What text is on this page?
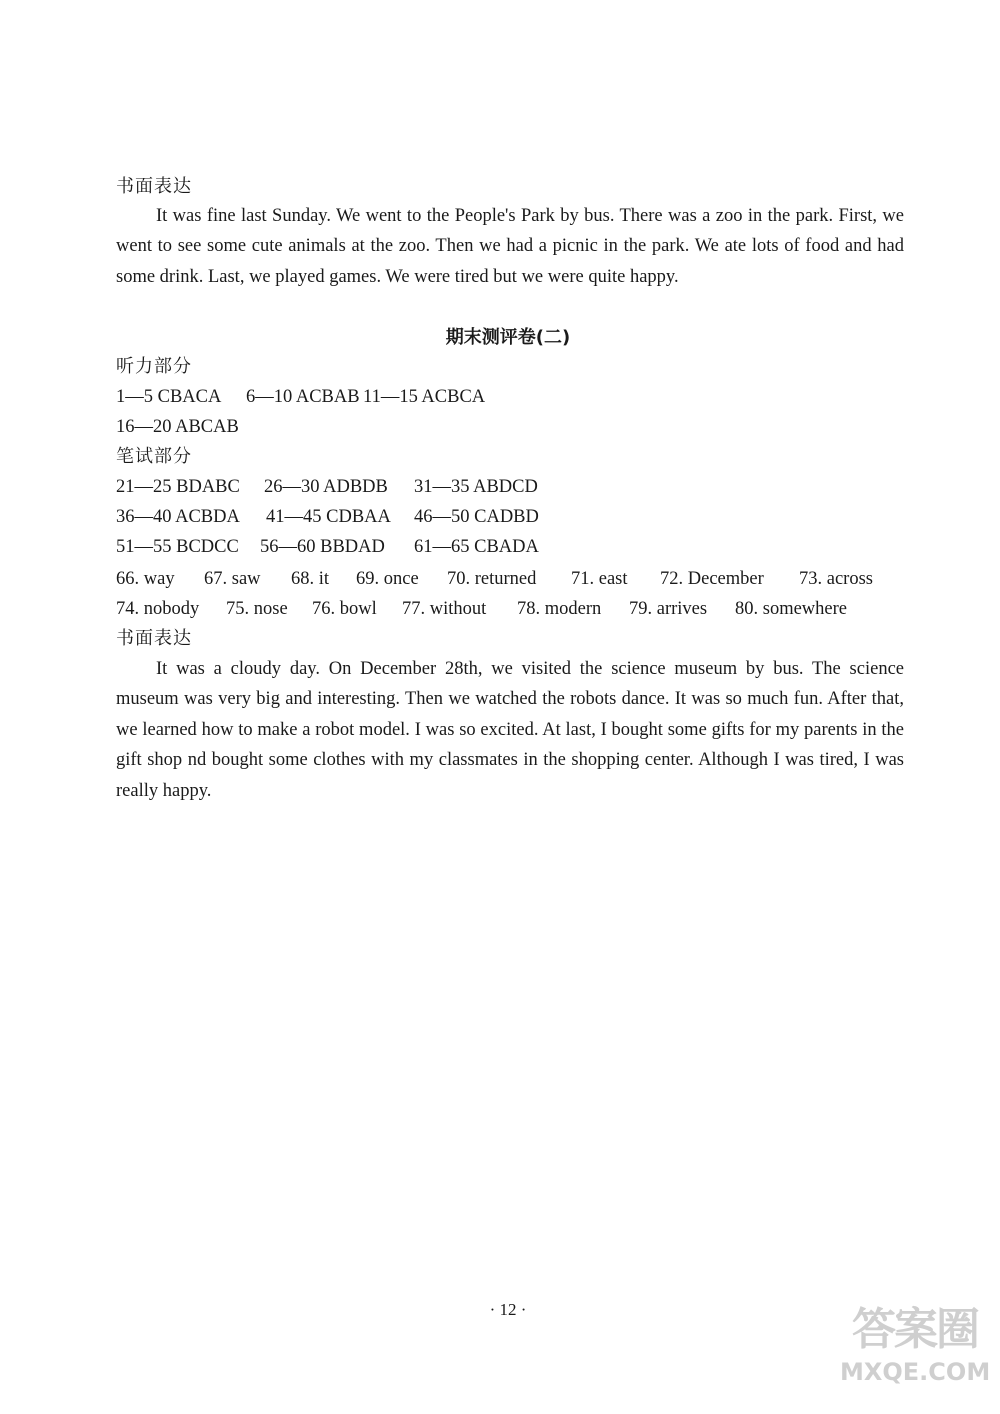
书面表达

It was fine last Sunday. We went to the People's Park by bus. There was a zoo in the park. First, we went to see some cute animals at the zoo. Then we had a picnic in the park. We ate lots of food and had some drink. Last, we played games. We were tired but we were quite happy.

期末测评卷(二)
听力部分
1—5 CBACA 6—10 ACBAB 11—15 ACBCA
16—20 ABCAB
笔试部分
21—25 BDABC 26—30 ADBDB 31—35 ABDCD
36—40 ACBDA 41—45 CDBAA 46—50 CADBD
51—55 BCDCC 56—60 BBDAD 61—65 CBADA
66. way 67. saw 68. it 69. once 70. returned 71. east 72. December 73. across
74. nobody 75. nose 76. bowl 77. without 78. modern 79. arrives 80. somewhere
书面表达

It was a cloudy day. On December 28th, we visited the science museum by bus. The science museum was very big and interesting. Then we watched the robots dance. It was so much fun. After that, we learned how to make a robot model. I was so excited. At last, I bought some gifts for my parents in the gift shop nd bought some clothes with my classmates in the shopping center. Although I was tired, I was really happy.

· 12 ·	答案圈
MXQE.COM
